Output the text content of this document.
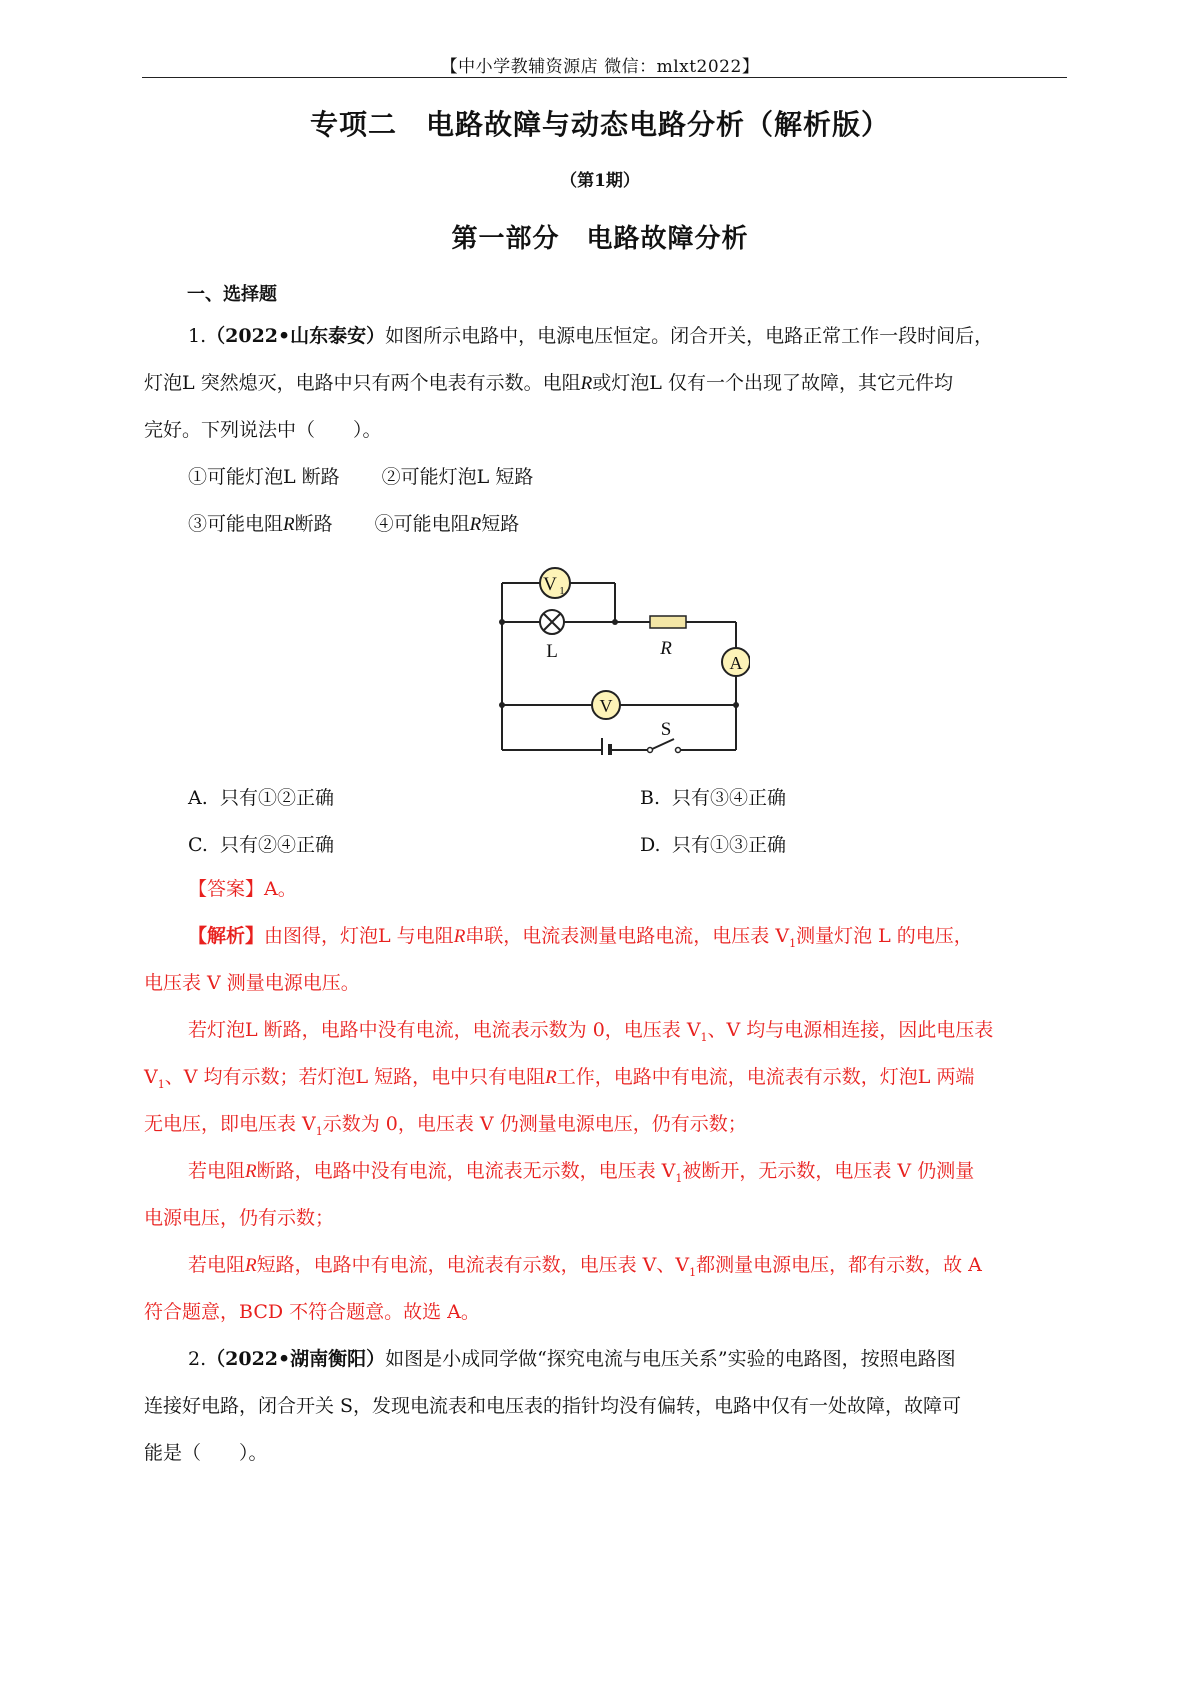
【中小学教辅资源店 微信：mlxt2022】
专项二　电路故障与动态电路分析（解析版）
（第1期）
第一部分　电路故障分析
一、选择题
1.（2022•山东泰安）如图所示电路中，电源电压恒定。闭合开关，电路正常工作一段时间后，
灯泡L 突然熄灭，电路中只有两个电表有示数。电阻R或灯泡L 仅有一个出现了故障，其它元件均
完好。下列说法中（　　）。
①可能灯泡L 断路 ②可能灯泡L 短路
③可能电阻R断路 ④可能电阻R短路
V 1
L	R
A
V
S
A. 只有①②正确	B. 只有③④正确
C. 只有②④正确	D. 只有①③正确
【答案】A。
【解析】由图得，灯泡L 与电阻R串联，电流表测量电路电流，电压表 $V_1$测量灯泡 L 的电压，
电压表 V 测量电源电压。
若灯泡L 断路，电路中没有电流，电流表示数为 0，电压表 $V_1$、V 均与电源相连接，因此电压表
$V_1$、V 均有示数；若灯泡L 短路，电中只有电阻R工作，电路中有电流，电流表有示数，灯泡L 两端
无电压，即电压表 $V_1$示数为 0，电压表 V 仍测量电源电压，仍有示数；
若电阻R断路，电路中没有电流，电流表无示数，电压表 $V_1$被断开，无示数，电压表 V 仍测量
电源电压，仍有示数；
若电阻R短路，电路中有电流，电流表有示数，电压表 V、$V_1$都测量电源电压，都有示数，故 A
符合题意，BCD 不符合题意。故选 A。
2.（2022•湖南衡阳）如图是小成同学做“探究电流与电压关系”实验的电路图，按照电路图
连接好电路，闭合开关 S，发现电流表和电压表的指针均没有偏转，电路中仅有一处故障，故障可
能是（　　）。
